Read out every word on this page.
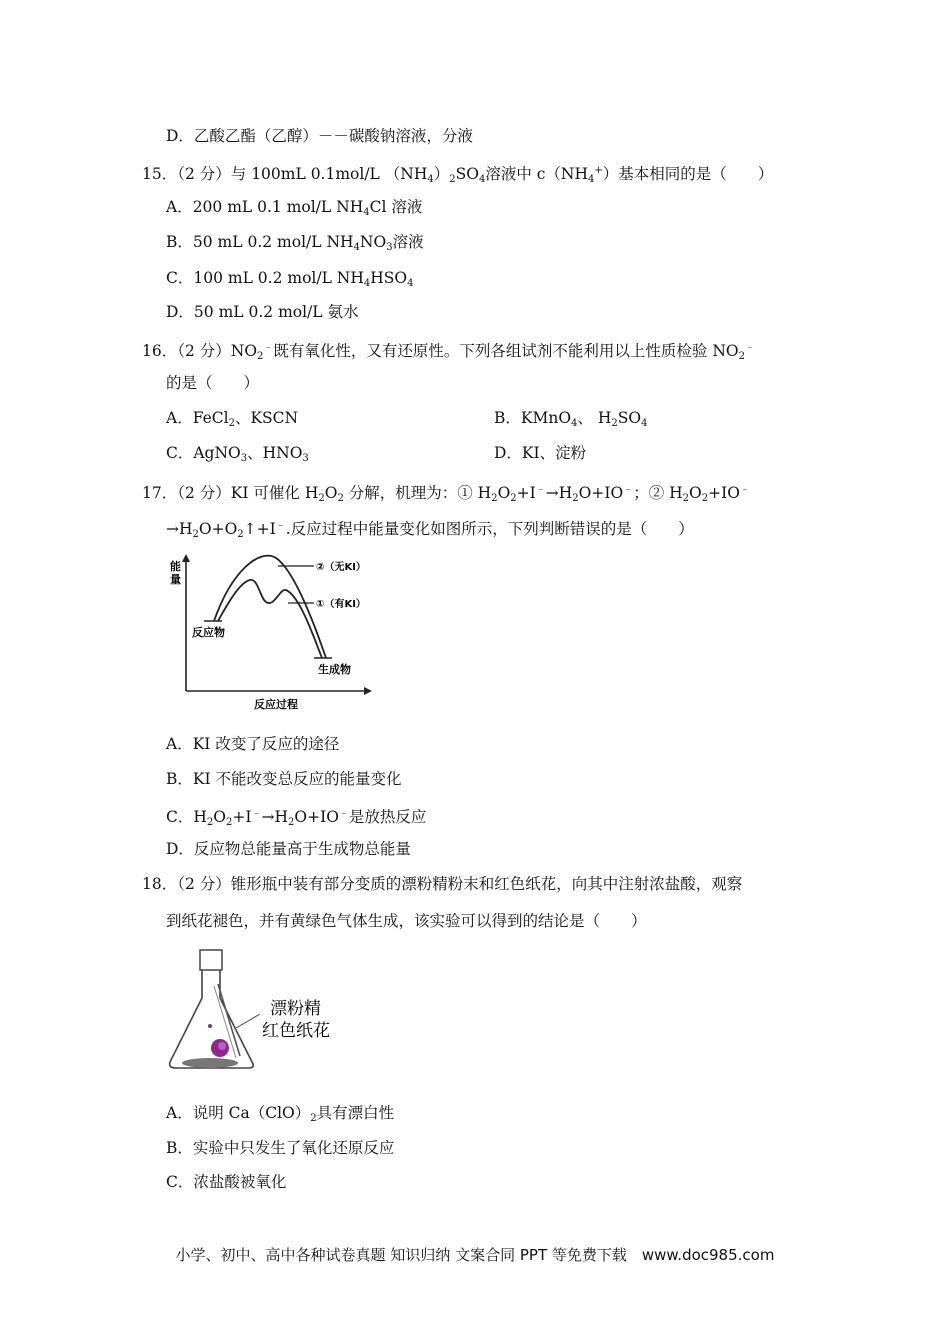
D．乙酸乙酯（乙醇）－－碳酸钠溶液，分液
15．（2 分）与 100mL 0.1mol/L $(NH_4)_2SO_4$溶液中 $c(NH_4^+)$基本相同的是（　　）
A．200 mL 0.1 mol/L $NH_4Cl$ 溶液
B．50 mL 0.2 mol/L $NH_4NO_3$溶液
C．100 mL 0.2 mol/L $NH_4HSO_4$
D．50 mL 0.2 mol/L 氨水
16．（2 分）$NO_2^﹣$既有氧化性，又有还原性。下列各组试剂不能利用以上性质检验 $NO_2^﹣$
的是（　　）
A．FeCl$_2$、KSCN	B．KMnO$_4$、 $H_2SO_4$
C．AgNO$_3$、$HNO_3$	D．KI、淀粉
17．（2 分）KI 可催化 $H_2O_2$ 分解，机理为：① $H_2O_2+I^﹣\to H_2O+IO^﹣$；② $H_2O_2+IO^﹣$
$\to H_2O+O_2↑+I^﹣$.反应过程中能量变化如图所示，下列判断错误的是（　　）
能
量
②（无KI）
①（有KI）
反应物
生成物
反应过程
A．KI 改变了反应的途径
B．KI 不能改变总反应的能量变化
C．$H_2O_2+I^﹣\to H_2O+IO^﹣$是放热反应
D．反应物总能量高于生成物总能量
18．（2 分）锥形瓶中装有部分变质的漂粉精粉末和红色纸花，向其中注射浓盐酸，观察
到纸花褪色，并有黄绿色气体生成，该实验可以得到的结论是（　　）
漂粉精
红色纸花
A．说明 $Ca(ClO)_2$具有漂白性
B．实验中只发生了氧化还原反应
C．浓盐酸被氧化
小学、初中、高中各种试卷真题 知识归纳 文案合同 PPT 等免费下载　www.doc985.com
